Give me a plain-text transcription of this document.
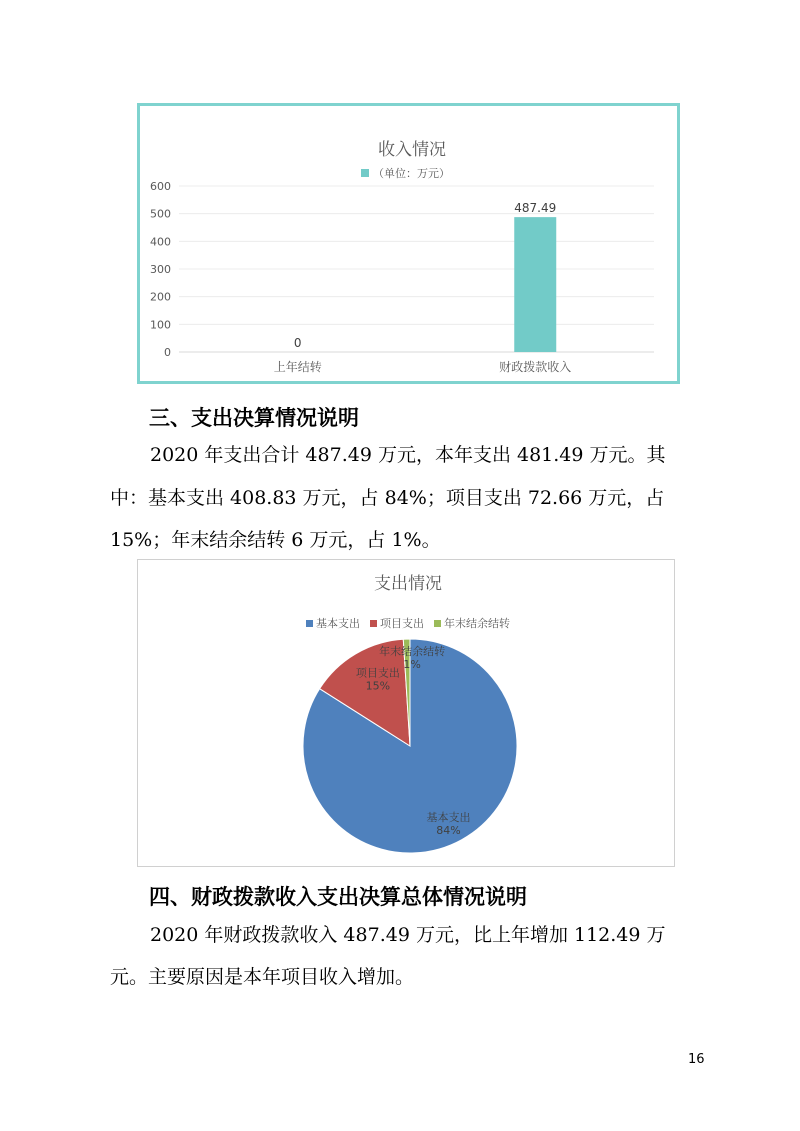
收入情况
（单位：万元）
0
100
200
300
400
500
600
0
487.49
上年结转	财政拨款收入
三、支出决算情况说明
2020 年支出合计 487.49 万元，本年支出 481.49 万元。其
中：基本支出 408.83 万元，占 84%；项目支出 72.66 万元，占
15%；年末结余结转 6 万元，占 1%。
支出情况
基本支出 项目支出 年末结余结转
基本支出
84%
项目支出
15%
年末结余结转
1%
四、财政拨款收入支出决算总体情况说明
2020 年财政拨款收入 487.49 万元，比上年增加 112.49 万
元。主要原因是本年项目收入增加。
16
